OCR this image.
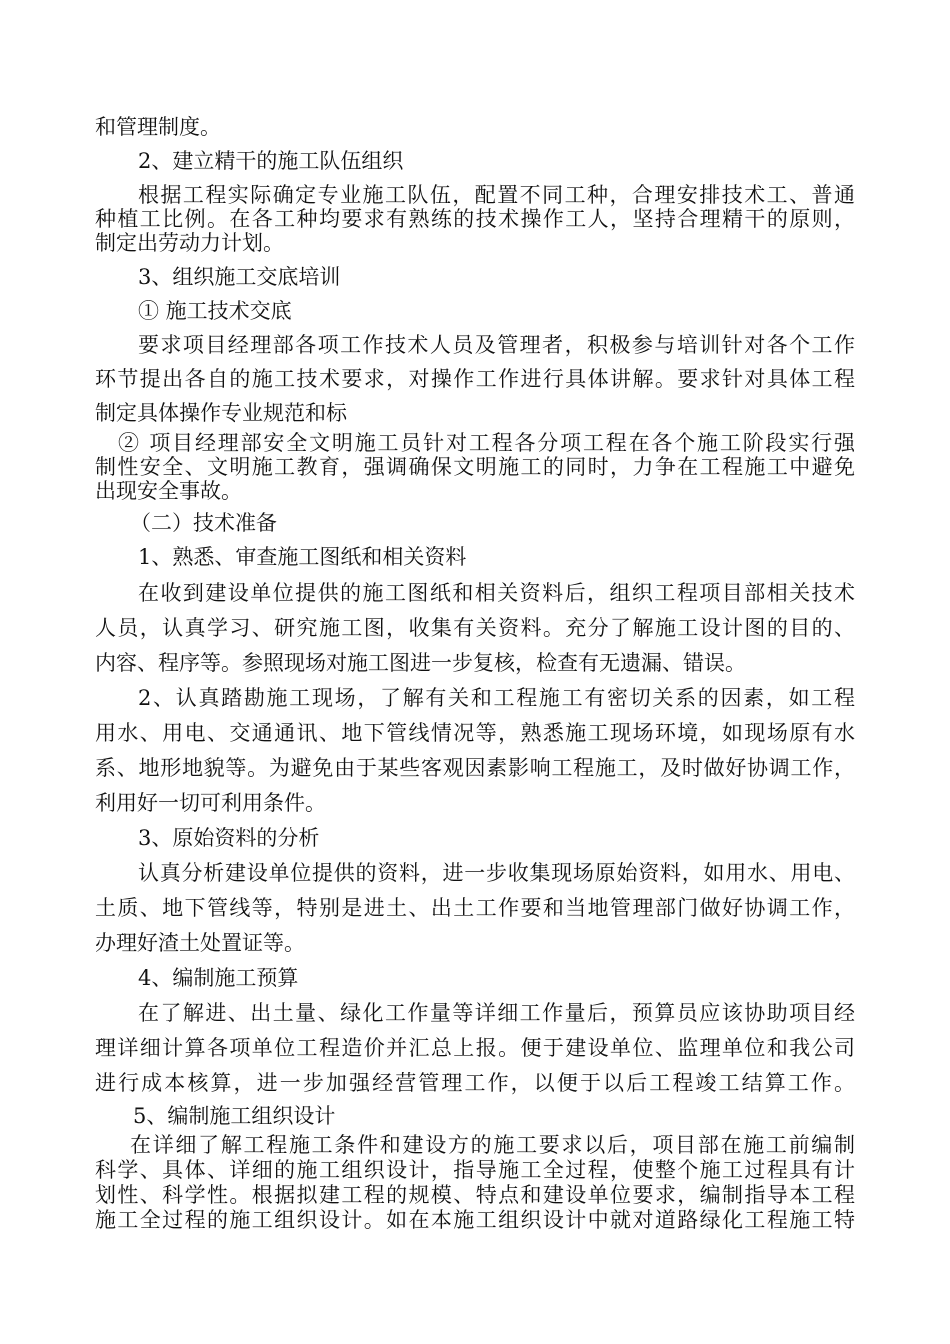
和管理制度。
2、建立精干的施工队伍组织
根据工程实际确定专业施工队伍，配置不同工种，合理安排技术工、普通
种植工比例。在各工种均要求有熟练的技术操作工人，坚持合理精干的原则，
制定出劳动力计划。
3、组织施工交底培训
① 施工技术交底
要求项目经理部各项工作技术人员及管理者，积极参与培训针对各个工作
环节提出各自的施工技术要求，对操作工作进行具体讲解。要求针对具体工程
制定具体操作专业规范和标
② 项目经理部安全文明施工员针对工程各分项工程在各个施工阶段实行强
制性安全、文明施工教育，强调确保文明施工的同时，力争在工程施工中避免
出现安全事故。
（二）技术准备
1、熟悉、审查施工图纸和相关资料
在收到建设单位提供的施工图纸和相关资料后，组织工程项目部相关技术
人员，认真学习、研究施工图，收集有关资料。充分了解施工设计图的目的、
内容、程序等。参照现场对施工图进一步复核，检查有无遗漏、错误。
2、认真踏勘施工现场，了解有关和工程施工有密切关系的因素，如工程
用水、用电、交通通讯、地下管线情况等，熟悉施工现场环境，如现场原有水
系、地形地貌等。为避免由于某些客观因素影响工程施工，及时做好协调工作，
利用好一切可利用条件。
3、原始资料的分析
认真分析建设单位提供的资料，进一步收集现场原始资料，如用水、用电、
土质、地下管线等，特别是进土、出土工作要和当地管理部门做好协调工作，
办理好渣土处置证等。
4、编制施工预算
在了解进、出土量、绿化工作量等详细工作量后，预算员应该协助项目经
理详细计算各项单位工程造价并汇总上报。便于建设单位、监理单位和我公司
进行成本核算，进一步加强经营管理工作，以便于以后工程竣工结算工作。
5、编制施工组织设计
在详细了解工程施工条件和建设方的施工要求以后，项目部在施工前编制
科学、具体、详细的施工组织设计，指导施工全过程，使整个施工过程具有计
划性、科学性。根据拟建工程的规模、特点和建设单位要求，编制指导本工程
施工全过程的施工组织设计。如在本施工组织设计中就对道路绿化工程施工特
